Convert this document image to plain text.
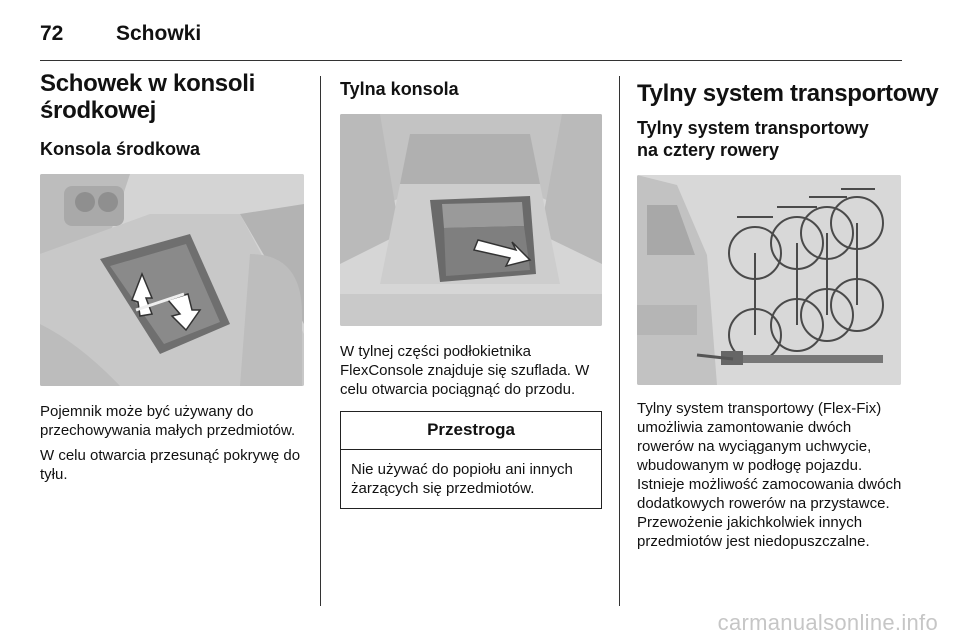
72	Schowki
Schowek w konsoli środkowej
Konsola środkowa

Pojemnik może być używany do przechowywania małych przedmiotów.

W celu otwarcia przesunąć pokrywę do tyłu.

Tylna konsola

W tylnej części podłokietnika FlexConsole znajduje się szuflada. W celu otwarcia pociągnąć do przodu.

Przestroga
Nie używać do popiołu ani innych żarzących się przedmiotów.
Tylny system transportowy
Tylny system transportowy na cztery rowery

Tylny system transportowy (Flex-Fix) umożliwia zamontowanie dwóch rowerów na wyciąganym uchwycie, wbudowanym w podłogę pojazdu. Istnieje możliwość zamocowania dwóch dodatkowych rowerów na przystawce. Przewożenie jakichkolwiek innych przedmiotów jest niedopuszczalne.

carmanualsonline.info
